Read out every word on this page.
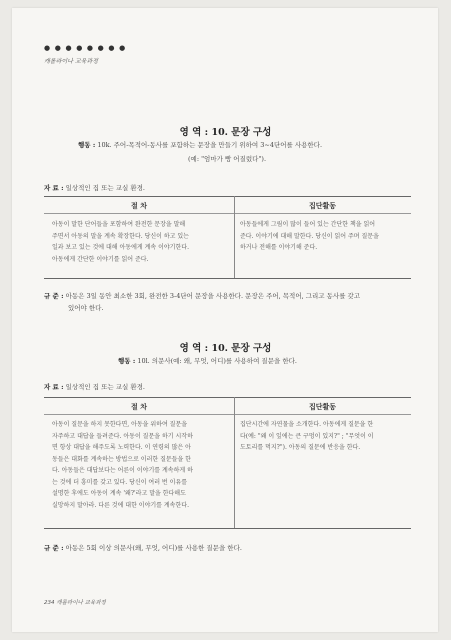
● ● ● ● ● ● ● ●
캐롤라이나 교육과정
영 역 : 10. 문장 구성
행동 : 10k. 주어-목적어-동사를 포함하는 문장을 만들기 위하여 3~4단어를 사용한다.
(예: "엄마가 빵 어질렀다").
자 료 : 일상적인 집 또는 교실 환경.
절 차	집단활동
아동이 말한 단어들을 포함하여 완전한 문장을 말해
주면서 아동의 말을 계속 확장한다. 당신이 하고 있는
일과 보고 있는 것에 대해 아동에게 계속 이야기한다.
아동에게 간단한 이야기를 읽어 준다.
아동들에게 그림이 많이 들어 있는 간단한 책을 읽어
준다. 이야기에 대해 말한다. 당신이 읽어 주며 질문을
하거나 전해를 이야기해 준다.
규 준 : 아동은 3일 동안 최소한 3회, 완전한 3-4단어 문장을 사용한다. 문장은 주어, 목적어, 그리고 동사를 갖고
있어야 한다.
영 역 : 10. 문장 구성
행동 : 10l. 의문사(예: 왜, 무엇, 어디)를 사용하여 질문을 한다.
자 료 : 일상적인 집 또는 교실 환경.
절 차	집단활동
아동이 질문을 하지 못한다면, 아동을 위하여 질문을
자주하고 대답을 들려준다. 아동이 질문을 하기 시작하
면 항상 대답을 해주도록 노력한다. 이 연령의 많은 아
동들은 대화를 계속하는 방법으로 이러한 질문들을 한
다. 아동들은 대답보다는 어른이 이야기를 계속하게 하
는 것에 더 흥미를 갖고 있다. 당신이 여러 번 이유를
설명한 후에도 아동이 계속 '왜?'라고 말을 한다해도
실망하지 말아라. 다른 것에 대한 이야기를 계속한다.
집단시간에 자연물을 소개한다. 아동에게 질문을 한
다(예: "왜 이 잎에는 큰 구멍이 있지?" ; "무엇이 이
도토리를 먹지?"). 아동의 질문에 반응을 한다.
규 준 : 아동은 5회 이상 의문사(왜, 무엇, 어디)를 사용한 질문을 한다.
234 캐롤라이나 교육과정
